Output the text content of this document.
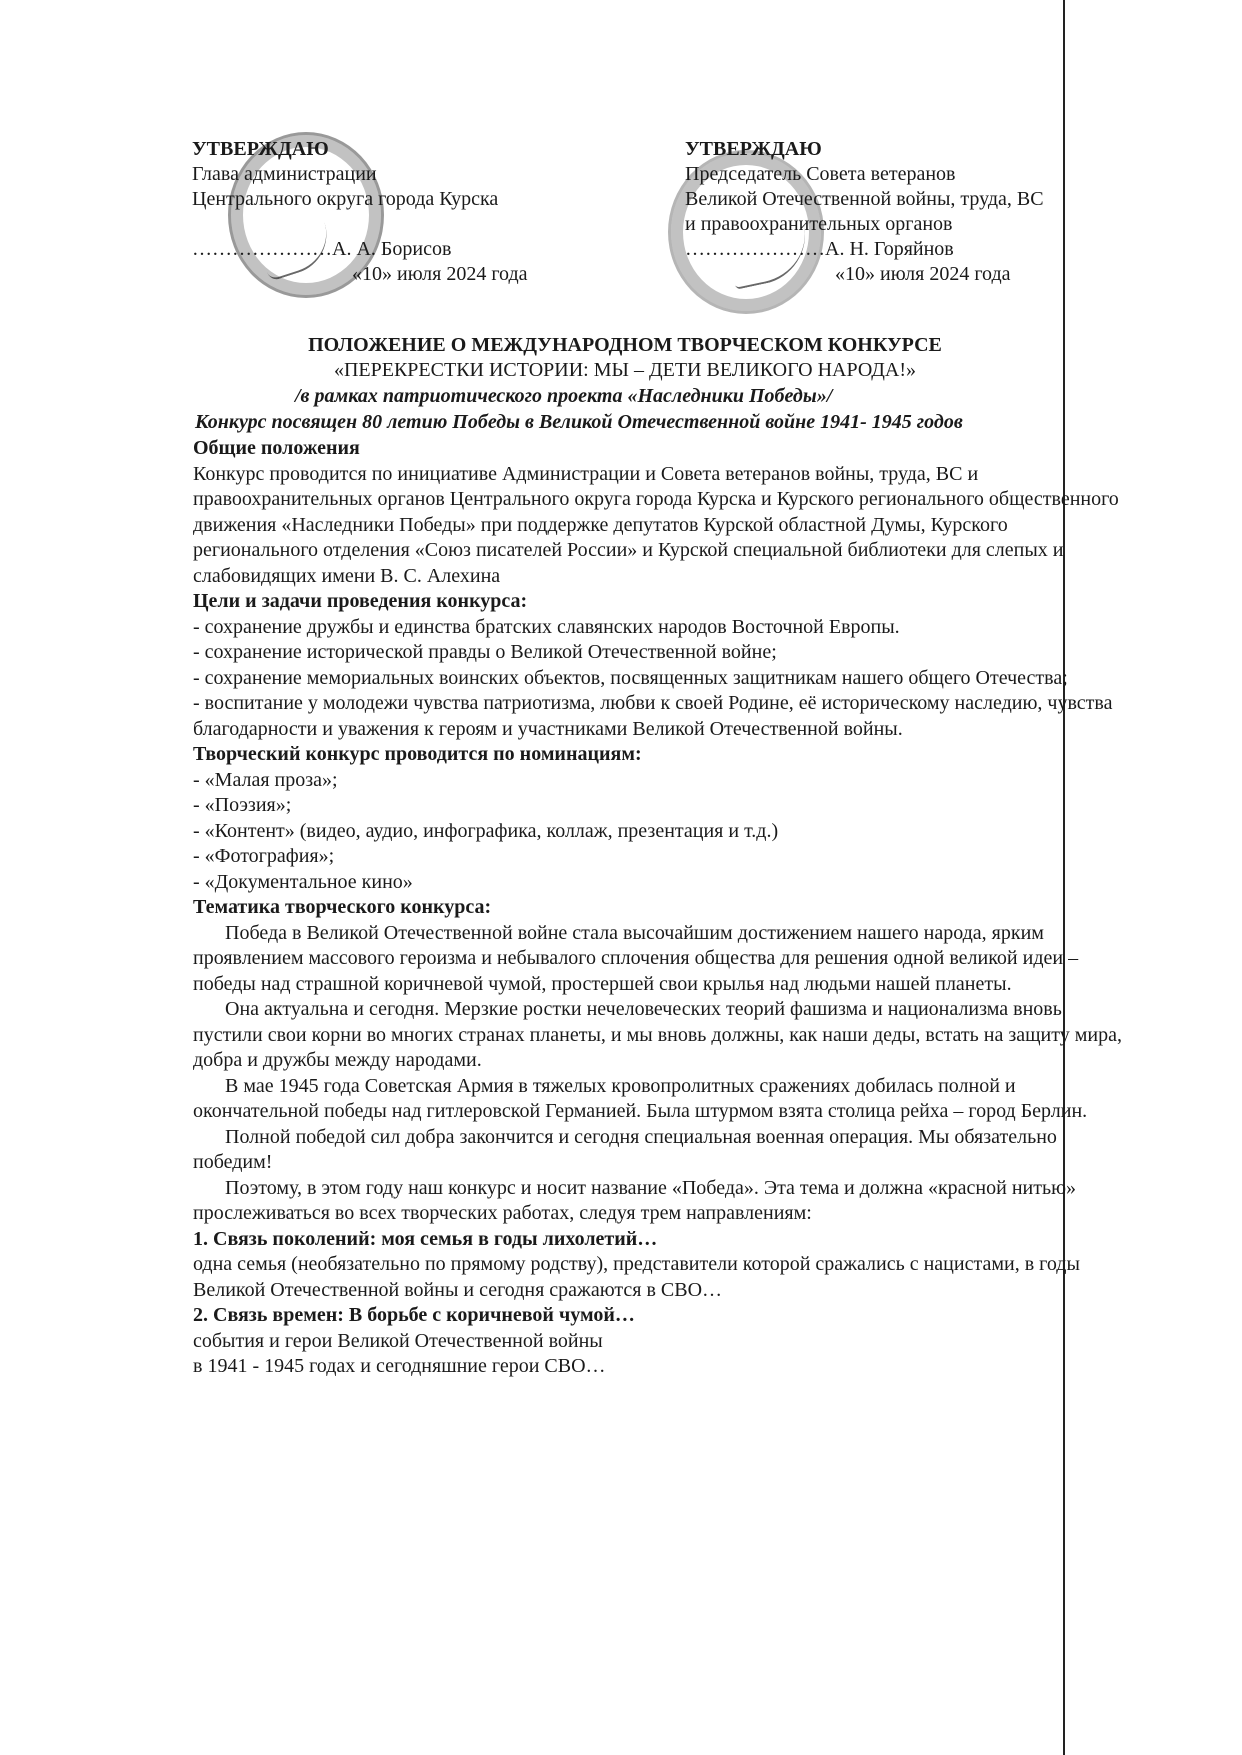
УТВЕРЖДАЮ
Глава администрации
Центрального округа города Курска

…………………А. А. Борисов
«10» июля 2024 года
УТВЕРЖДАЮ
Председатель Совета ветеранов
Великой Отечественной войны, труда, ВС
и правоохранительных органов
…………………А. Н. Горяйнов
«10» июля 2024 года
ПОЛОЖЕНИЕ О МЕЖДУНАРОДНОМ ТВОРЧЕСКОМ КОНКУРСЕ
«ПЕРЕКРЕСТКИ ИСТОРИИ: МЫ – ДЕТИ ВЕЛИКОГО НАРОДА!»
/в рамках патриотического проекта «Наследники Победы»/
Конкурс посвящен 80 летию Победы в Великой Отечественной войне 1941- 1945 годов

Общие положения

Конкурс проводится по инициативе Администрации и Совета ветеранов войны, труда, ВС и правоохранительных органов Центрального округа города Курска и Курского регионального общественного движения «Наследники Победы» при поддержке депутатов Курской областной Думы, Курского регионального отделения «Союз писателей России» и Курской специальной библиотеки для слепых и слабовидящих имени В. С. Алехина

Цели и задачи проведения конкурса:

- сохранение дружбы и единства братских славянских народов Восточной Европы.

- сохранение исторической правды о Великой Отечественной войне;

- сохранение мемориальных воинских объектов, посвященных защитникам нашего общего Отечества;

- воспитание у молодежи чувства патриотизма, любви к своей Родине, её историческому наследию, чувства благодарности и уважения к героям и участниками Великой Отечественной войны.

Творческий конкурс проводится по номинациям:

- «Малая проза»;

- «Поэзия»;

- «Контент» (видео, аудио, инфографика, коллаж, презентация и т.д.)

- «Фотография»;

- «Документальное кино»

Тематика творческого конкурса:

Победа в Великой Отечественной войне стала высочайшим достижением нашего народа, ярким проявлением массового героизма и небывалого сплочения общества для решения одной великой идеи – победы над страшной коричневой чумой, простершей свои крылья над людьми нашей планеты.

Она актуальна и сегодня. Мерзкие ростки нечеловеческих теорий фашизма и национализма вновь пустили свои корни во многих странах планеты, и мы вновь должны, как наши деды, встать на защиту мира, добра и дружбы между народами.

В мае 1945 года Советская Армия в тяжелых кровопролитных сражениях добилась полной и окончательной победы над гитлеровской Германией. Была штурмом взята столица рейха – город Берлин.

Полной победой сил добра закончится и сегодня специальная военная операция. Мы обязательно победим!

Поэтому, в этом году наш конкурс и носит название «Победа». Эта тема и должна «красной нитью» прослеживаться во всех творческих работах, следуя трем направлениям:

1. Связь поколений: моя семья в годы лихолетий…

одна семья (необязательно по прямому родству), представители которой сражались с нацистами, в годы Великой Отечественной войны и сегодня сражаются в СВО…

2. Связь времен: В борьбе с коричневой чумой…

события и герои Великой Отечественной войны

в 1941 - 1945 годах и сегодняшние герои СВО…
